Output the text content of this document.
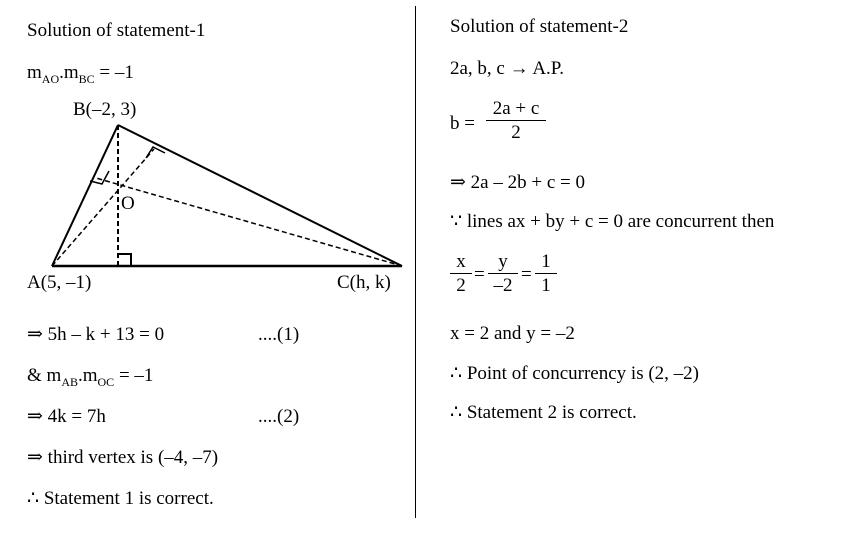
Solution of statement-1
$m_{AO}.m_{BC} = -1$
B(–2, 3)
O
A(5, –1)	C(h, k)
⇒ 5h – k + 13 = 0	....(1)
& $m_{AB}.m_{OC} = -1$
⇒ 4k = 7h	....(2)
⇒ third vertex is (–4, –7)
∴ Statement 1 is correct.
Solution of statement-2
2a, b, c → A.P.
b =
2a + c
2
⇒ 2a – 2b + c = 0
∵ lines ax + by + c = 0 are concurrent then
x
2
=
y
–2
=
1
1
x = 2 and y = –2
∴ Point of concurrency is (2, –2)
∴ Statement 2 is correct.
